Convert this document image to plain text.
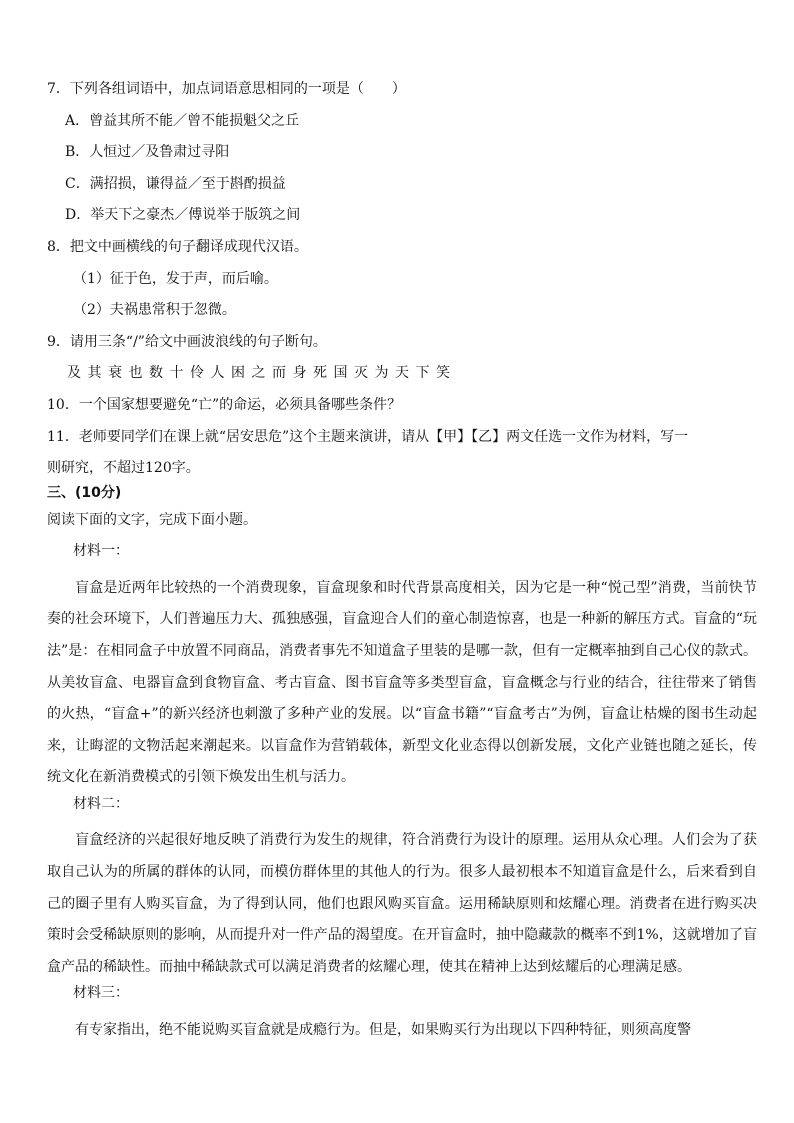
7．下列各组词语中，加点词语意思相同的一项是（　　）
A．曾益其所不能／曾不能损魁父之丘
B．人恒过／及鲁肃过寻阳
C．满招损，谦得益／至于斟酌损益
D．举天下之豪杰／傅说举于版筑之间
8．把文中画横线的句子翻译成现代汉语。
（1）征于色，发于声，而后喻。
（2）夫祸患常积于忽微。
9．请用三条“/”给文中画波浪线的句子断句。
及其衰也数十伶人困之而身死国灭为天下笑
10．一个国家想要避免“亡”的命运，必须具备哪些条件？
11．老师要同学们在课上就“居安思危”这个主题来演讲，请从【甲】【乙】两文任选一文作为材料，写一
则研究，不超过120字。
三、(10分)
阅读下面的文字，完成下面小题。
材料一：
盲盒是近两年比较热的一个消费现象，盲盒现象和时代背景高度相关，因为它是一种“悦己型”消费，当前快节奏的社会环境下，人们普遍压力大、孤独感强，盲盒迎合人们的童心制造惊喜，也是一种新的解压方式。盲盒的“玩法”是：在相同盒子中放置不同商品，消费者事先不知道盒子里装的是哪一款，但有一定概率抽到自己心仪的款式。从美妆盲盒、电器盲盒到食物盲盒、考古盲盒、图书盲盒等多类型盲盒，盲盒概念与行业的结合，往往带来了销售的火热，“盲盒+”的新兴经济也刺激了多种产业的发展。以“盲盒书籍”“盲盒考古”为例，盲盒让枯燥的图书生动起来，让晦涩的文物活起来潮起来。以盲盒作为营销载体，新型文化业态得以创新发展，文化产业链也随之延长，传统文化在新消费模式的引领下焕发出生机与活力。
材料二：
盲盒经济的兴起很好地反映了消费行为发生的规律，符合消费行为设计的原理。运用从众心理。人们会为了获取自己认为的所属的群体的认同，而模仿群体里的其他人的行为。很多人最初根本不知道盲盒是什么，后来看到自己的圈子里有人购买盲盒，为了得到认同，他们也跟风购买盲盒。运用稀缺原则和炫耀心理。消费者在进行购买决策时会受稀缺原则的影响，从而提升对一件产品的渴望度。在开盲盒时，抽中隐藏款的概率不到1%，这就增加了盲盒产品的稀缺性。而抽中稀缺款式可以满足消费者的炫耀心理，使其在精神上达到炫耀后的心理满足感。
材料三：
有专家指出，绝不能说购买盲盒就是成瘾行为。但是，如果购买行为出现以下四种特征，则须高度警
